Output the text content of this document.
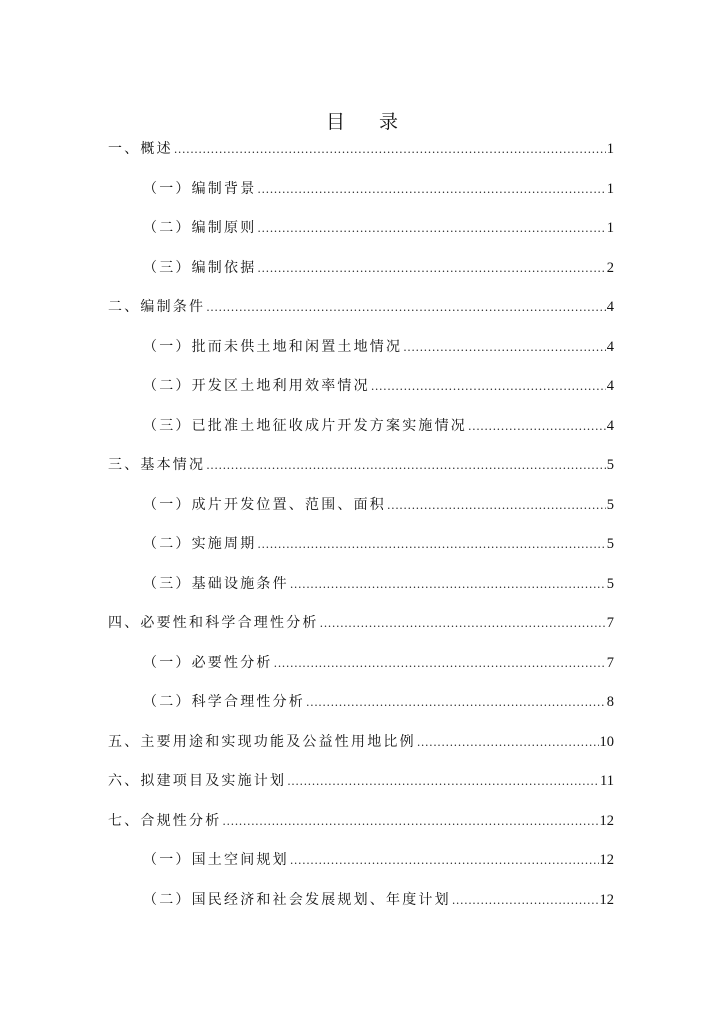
目 录
一、概述 .....	1
（一）编制背景 .....	1
（二）编制原则 .....	1
（三）编制依据 .....	2
二、编制条件 .....	4
（一）批而未供土地和闲置土地情况 .....	4
（二）开发区土地利用效率情况 .....	4
（三）已批准土地征收成片开发方案实施情况 .....	4
三、基本情况 .....	5
（一）成片开发位置、范围、面积 .....	5
（二）实施周期 .....	5
（三）基础设施条件 .....	5
四、必要性和科学合理性分析 .....	7
（一）必要性分析 .....	7
（二）科学合理性分析 .....	8
五、主要用途和实现功能及公益性用地比例 .....	10
六、拟建项目及实施计划 .....	11
七、合规性分析 .....	12
（一）国土空间规划 .....	12
（二）国民经济和社会发展规划、年度计划 .....	12
